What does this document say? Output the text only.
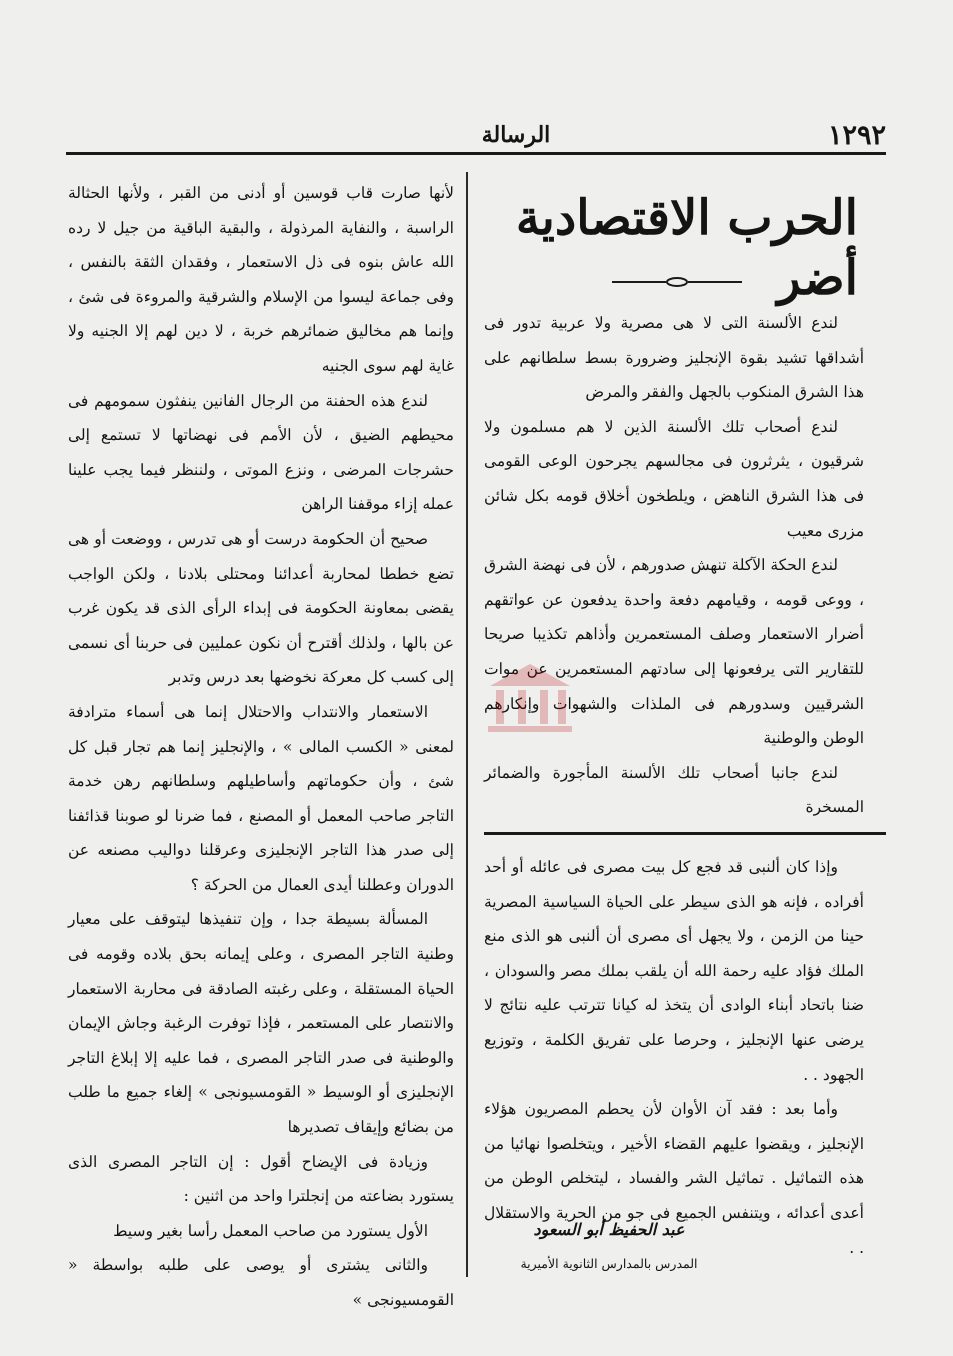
١٢٩٢
الرسالة
الحرب الاقتصادية أضر

لندع الألسنة التى لا هى مصرية ولا عربية تدور فى أشداقها تشيد بقوة الإنجليز وضرورة بسط سلطانهم على هذا الشرق المنكوب بالجهل والفقر والمرض

لندع أصحاب تلك الألسنة الذين لا هم مسلمون ولا شرقيون ، يثرثرون فى مجالسهم يجرحون الوعى القومى فى هذا الشرق الناهض ، ويلطخون أخلاق قومه بكل شائن مزرى معيب

لندع الحكة الآكلة تنهش صدورهم ، لأن فى نهضة الشرق ، ووعى قومه ، وقيامهم دفعة واحدة يدفعون عن عواتقهم أضرار الاستعمار وصلف المستعمرين وأذاهم تكذيبا صريحا للتقارير التى يرفعونها إلى سادتهم المستعمرين عن موات الشرقيين وسدورهم فى الملذات والشهوات وإنكارهم الوطن والوطنية

لندع جانبا أصحاب تلك الألسنة المأجورة والضمائر المسخرة

وإذا كان ألنبى قد فجع كل بيت مصرى فى عائله أو أحد أفراده ، فإنه هو الذى سيطر على الحياة السياسية المصرية حينا من الزمن ، ولا يجهل أى مصرى أن ألنبى هو الذى منع الملك فؤاد عليه رحمة الله أن يلقب بملك مصر والسودان ، ضنا باتحاد أبناء الوادى أن يتخذ له كيانا تترتب عليه نتائج لا يرضى عنها الإنجليز ، وحرصا على تفريق الكلمة ، وتوزيع الجهود . .

وأما بعد : فقد آن الأوان لأن يحطم المصريون هؤلاء الإنجليز ، ويقضوا عليهم القضاء الأخير ، ويتخلصوا نهائيا من هذه التماثيل . تماثيل الشر والفساد ، ليتخلص الوطن من أعدى أعدائه ، ويتنفس الجميع فى جو من الحرية والاستقلال . .

عبد الحفيظ أبو السعود
المدرس بالمدارس الثانوية الأميرية

لأنها صارت قاب قوسين أو أدنى من القبر ، ولأنها الحثالة الراسبة ، والنفاية المرذولة ، والبقية الباقية من جيل لا رده الله عاش بنوه فى ذل الاستعمار ، وفقدان الثقة بالنفس ، وفى جماعة ليسوا من الإسلام والشرقية والمروءة فى شئ ، وإنما هم مخاليق ضمائرهم خربة ، لا دين لهم إلا الجنيه ولا غاية لهم سوى الجنيه

لندع هذه الحفنة من الرجال الفانين ينفثون سمومهم فى محيطهم الضيق ، لأن الأمم فى نهضاتها لا تستمع إلى حشرجات المرضى ، ونزع الموتى ، ولننظر فيما يجب علينا عمله إزاء موقفنا الراهن

صحيح أن الحكومة درست أو هى تدرس ، ووضعت أو هى تضع خططا لمحاربة أعدائنا ومحتلى بلادنا ، ولكن الواجب يقضى بمعاونة الحكومة فى إبداء الرأى الذى قد يكون غرب عن بالها ، ولذلك أقترح أن نكون عمليين فى حربنا أى نسمى إلى كسب كل معركة نخوضها بعد درس وتدبر

الاستعمار والانتداب والاحتلال إنما هى أسماء مترادفة لمعنى « الكسب المالى » ، والإنجليز إنما هم تجار قبل كل شئ ، وأن حكوماتهم وأساطيلهم وسلطانهم رهن خدمة التاجر صاحب المعمل أو المصنع ، فما ضرنا لو صوبنا قذائفنا إلى صدر هذا التاجر الإنجليزى وعرقلنا دواليب مصنعه عن الدوران وعطلنا أيدى العمال من الحركة ؟

المسألة بسيطة جدا ، وإن تنفيذها ليتوقف على معيار وطنية التاجر المصرى ، وعلى إيمانه بحق بلاده وقومه فى الحياة المستقلة ، وعلى رغبته الصادقة فى محاربة الاستعمار والانتصار على المستعمر ، فإذا توفرت الرغبة وجاش الإيمان والوطنية فى صدر التاجر المصرى ، فما عليه إلا إبلاغ التاجر الإنجليزى أو الوسيط « القومسيونجى » إلغاء جميع ما طلب من بضائع وإيقاف تصديرها

وزيادة فى الإيضاح أقول : إن التاجر المصرى الذى يستورد بضاعته من إنجلترا واحد من اثنين :

الأول يستورد من صاحب المعمل رأسا بغير وسيط

والثانى يشترى أو يوصى على طلبه بواسطة « القومسيونجى »
